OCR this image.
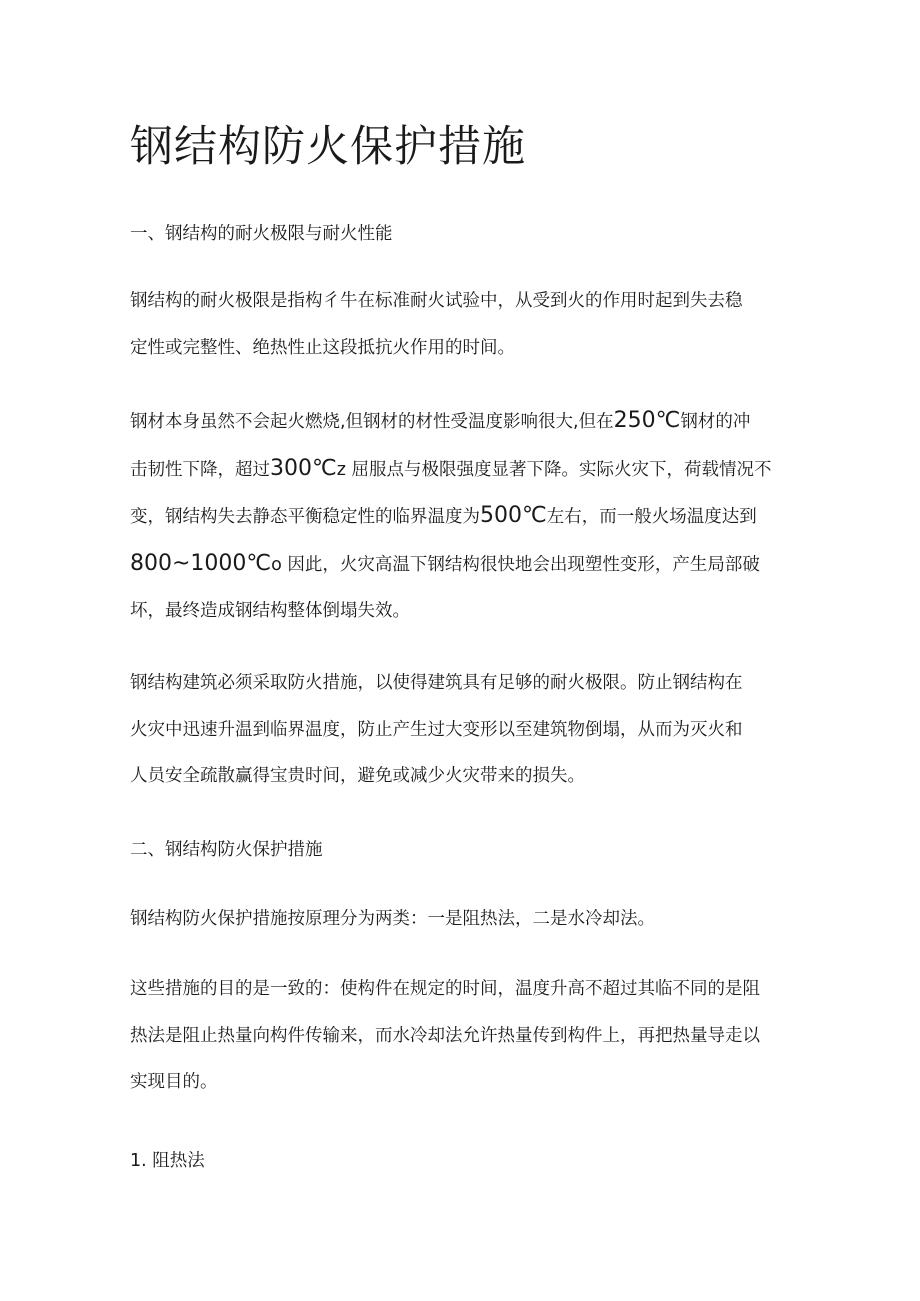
钢结构防火保护措施
一、钢结构的耐火极限与耐火性能

钢结构的耐火极限是指构彳牛在标准耐火试验中，从受到火的作用时起到失去稳
定性或完整性、绝热性止这段抵抗火作用的时间。

钢材本身虽然不会起火燃烧,但钢材的材性受温度影响很大,但在250℃钢材的冲
击韧性下降，超过300℃z 屈服点与极限强度显著下降。实际火灾下，荷载情况不
变，钢结构失去静态平衡稳定性的临界温度为500℃左右，而一般火场温度达到
800~1000℃o 因此，火灾高温下钢结构很快地会出现塑性变形，产生局部破
坏，最终造成钢结构整体倒塌失效。

钢结构建筑必须采取防火措施，以使得建筑具有足够的耐火极限。防止钢结构在
火灾中迅速升温到临界温度，防止产生过大变形以至建筑物倒塌，从而为灭火和
人员安全疏散赢得宝贵时间，避免或减少火灾带来的损失。

二、钢结构防火保护措施

钢结构防火保护措施按原理分为两类：一是阻热法，二是水冷却法。

这些措施的目的是一致的：使构件在规定的时间，温度升高不超过其临不同的是阻
热法是阻止热量向构件传输来，而水冷却法允许热量传到构件上，再把热量导走以
实现目的。

1. 阻热法
